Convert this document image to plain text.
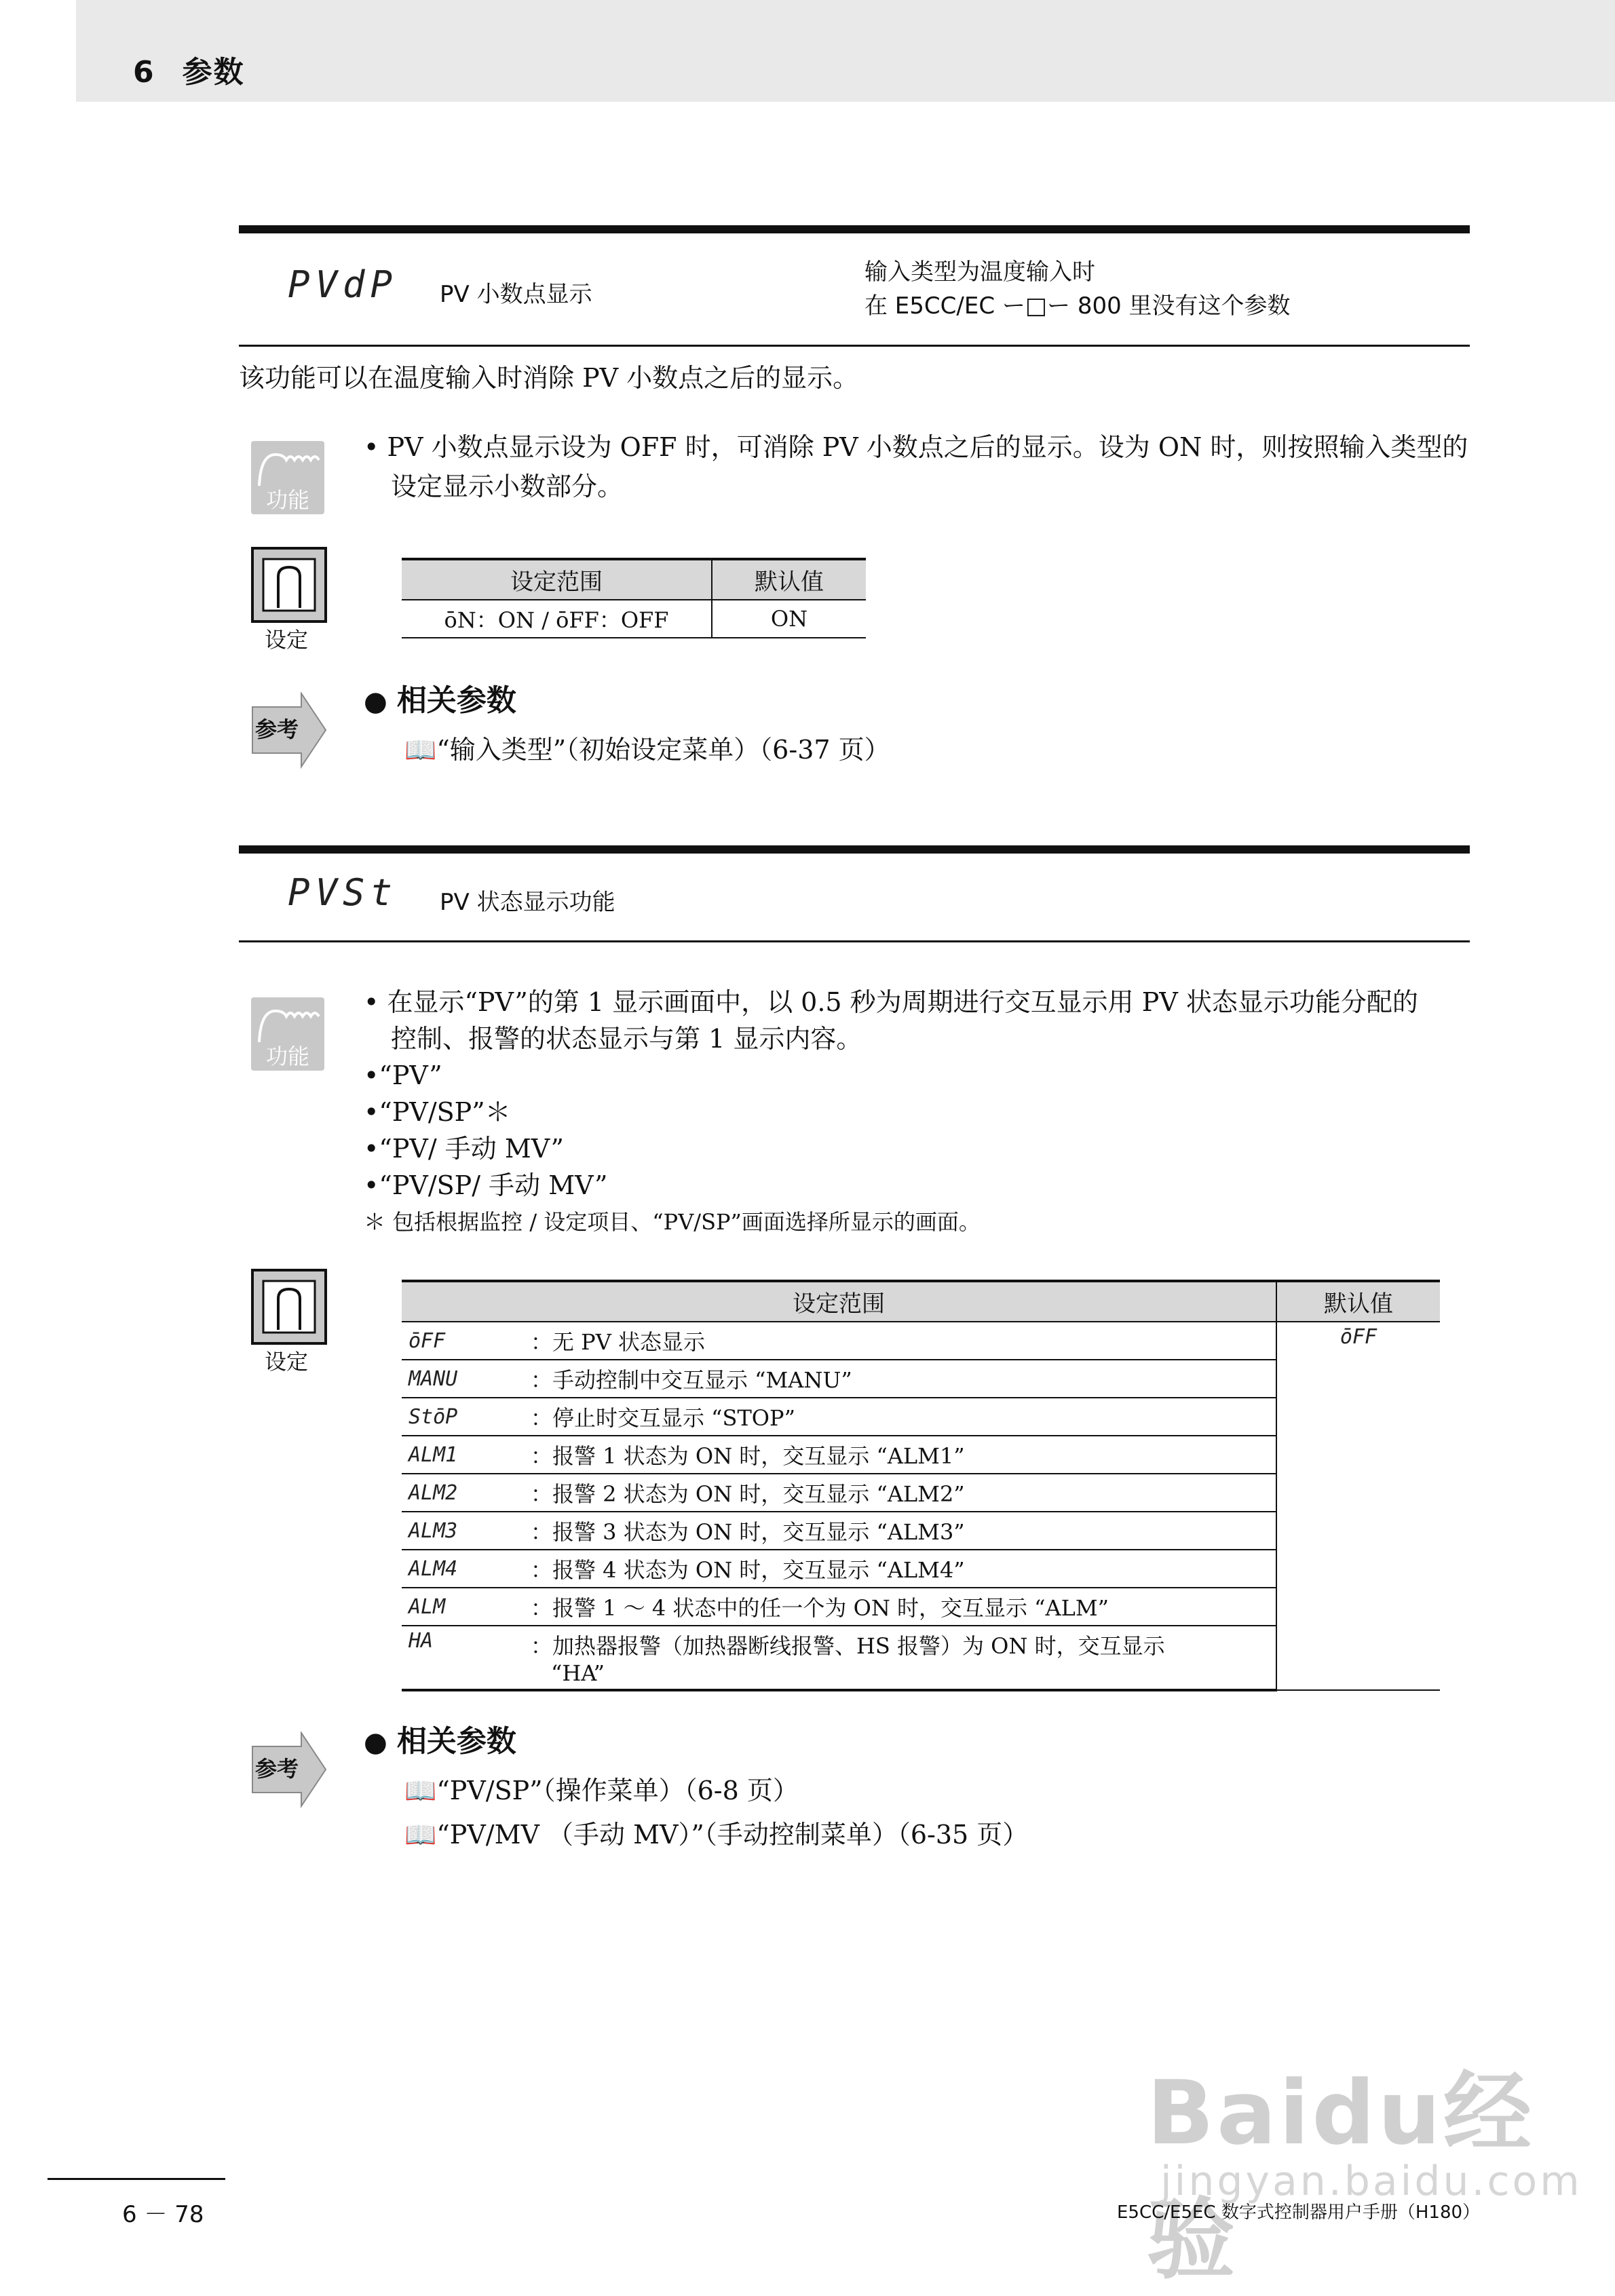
6 参数
PVdP PV 小数点显示
输入类型为温度输入时
在 E5CC/EC ー□ー 800 里没有这个参数
该功能可以在温度输入时消除 PV 小数点之后的显示。
功能
• PV 小数点显示设为 OFF 时，可消除 PV 小数点之后的显示。设为 ON 时，则按照输入类型的
设定显示小数部分。
设定
设定范围	默认值
ōN：ON / ōFF：OFF	ON
参考
● 相关参数
📖“输入类型”（初始设定菜单）（6-37 页）
PVSt PV 状态显示功能
功能
• 在显示“PV”的第 1 显示画面中，以 0.5 秒为周期进行交互显示用 PV 状态显示功能分配的
控制、报警的状态显示与第 1 显示内容。
•“PV”
•“PV/SP”＊
•“PV/ 手动 MV”
•“PV/SP/ 手动 MV”
＊ 包括根据监控 / 设定项目、“PV/SP”画面选择所显示的画面。
设定
设定范围		默认值
ōFF	：无 PV 状态显示	ōFF
MANU	：手动控制中交互显示 “MANU”	
StōP	：停止时交互显示 “STOP”	
ALM1	：报警 1 状态为 ON 时，交互显示 “ALM1”	
ALM2	：报警 2 状态为 ON 时，交互显示 “ALM2”	
ALM3	：报警 3 状态为 ON 时，交互显示 “ALM3”	
ALM4	：报警 4 状态为 ON 时，交互显示 “ALM4”	
ALM	：报警 1 ～ 4 状态中的任一个为 ON 时，交互显示 “ALM”	
HA	：加热器报警（加热器断线报警、HS 报警）为 ON 时，交互显示
“HA”	
参考
● 相关参数
📖“PV/SP”（操作菜单）（6-8 页）
📖“PV/MV （手动 MV）”（手动控制菜单）（6-35 页）
Baidu经验
jingyan.baidu.com
6 － 78	E5CC/E5EC 数字式控制器用户手册（H180）
